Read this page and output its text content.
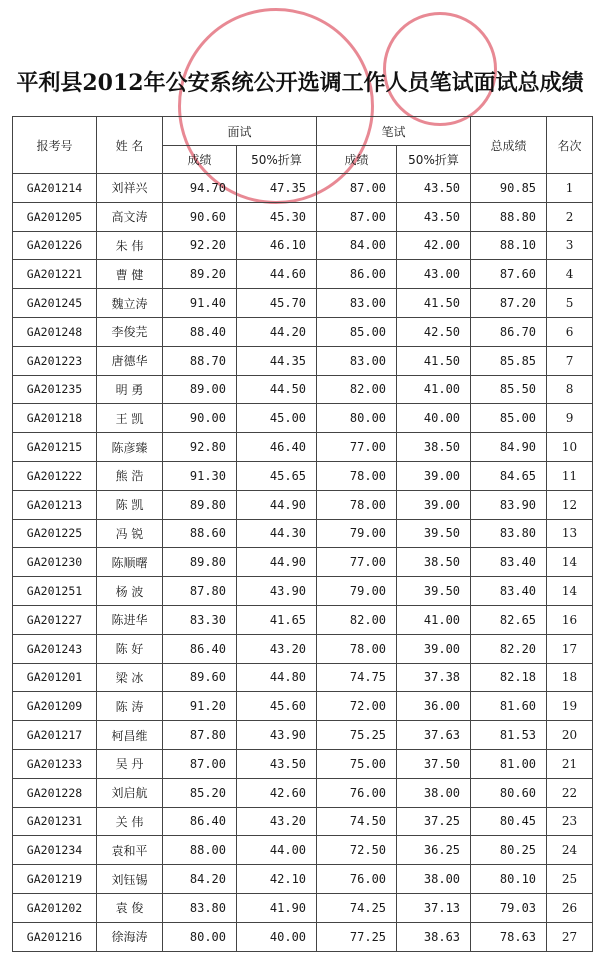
平利县2012年公安系统公开选调工作人员笔试面试总成绩
报考号	姓 名	面试		笔试		总成绩	名次
		成绩	50%折算	成绩	50%折算		
GA201214	刘祥兴	94.70	47.35	87.00	43.50	90.85	1
GA201205	高文涛	90.60	45.30	87.00	43.50	88.80	2
GA201226	朱 伟	92.20	46.10	84.00	42.00	88.10	3
GA201221	曹 健	89.20	44.60	86.00	43.00	87.60	4
GA201245	魏立涛	91.40	45.70	83.00	41.50	87.20	5
GA201248	李俊芫	88.40	44.20	85.00	42.50	86.70	6
GA201223	唐德华	88.70	44.35	83.00	41.50	85.85	7
GA201235	明 勇	89.00	44.50	82.00	41.00	85.50	8
GA201218	王 凯	90.00	45.00	80.00	40.00	85.00	9
GA201215	陈彦臻	92.80	46.40	77.00	38.50	84.90	10
GA201222	熊 浩	91.30	45.65	78.00	39.00	84.65	11
GA201213	陈 凯	89.80	44.90	78.00	39.00	83.90	12
GA201225	冯 锐	88.60	44.30	79.00	39.50	83.80	13
GA201230	陈顺曙	89.80	44.90	77.00	38.50	83.40	14
GA201251	杨 波	87.80	43.90	79.00	39.50	83.40	14
GA201227	陈进华	83.30	41.65	82.00	41.00	82.65	16
GA201243	陈 好	86.40	43.20	78.00	39.00	82.20	17
GA201201	梁 冰	89.60	44.80	74.75	37.38	82.18	18
GA201209	陈 涛	91.20	45.60	72.00	36.00	81.60	19
GA201217	柯昌维	87.80	43.90	75.25	37.63	81.53	20
GA201233	吴 丹	87.00	43.50	75.00	37.50	81.00	21
GA201228	刘启航	85.20	42.60	76.00	38.00	80.60	22
GA201231	关 伟	86.40	43.20	74.50	37.25	80.45	23
GA201234	袁和平	88.00	44.00	72.50	36.25	80.25	24
GA201219	刘钰锡	84.20	42.10	76.00	38.00	80.10	25
GA201202	袁 俊	83.80	41.90	74.25	37.13	79.03	26
GA201216	徐海涛	80.00	40.00	77.25	38.63	78.63	27
